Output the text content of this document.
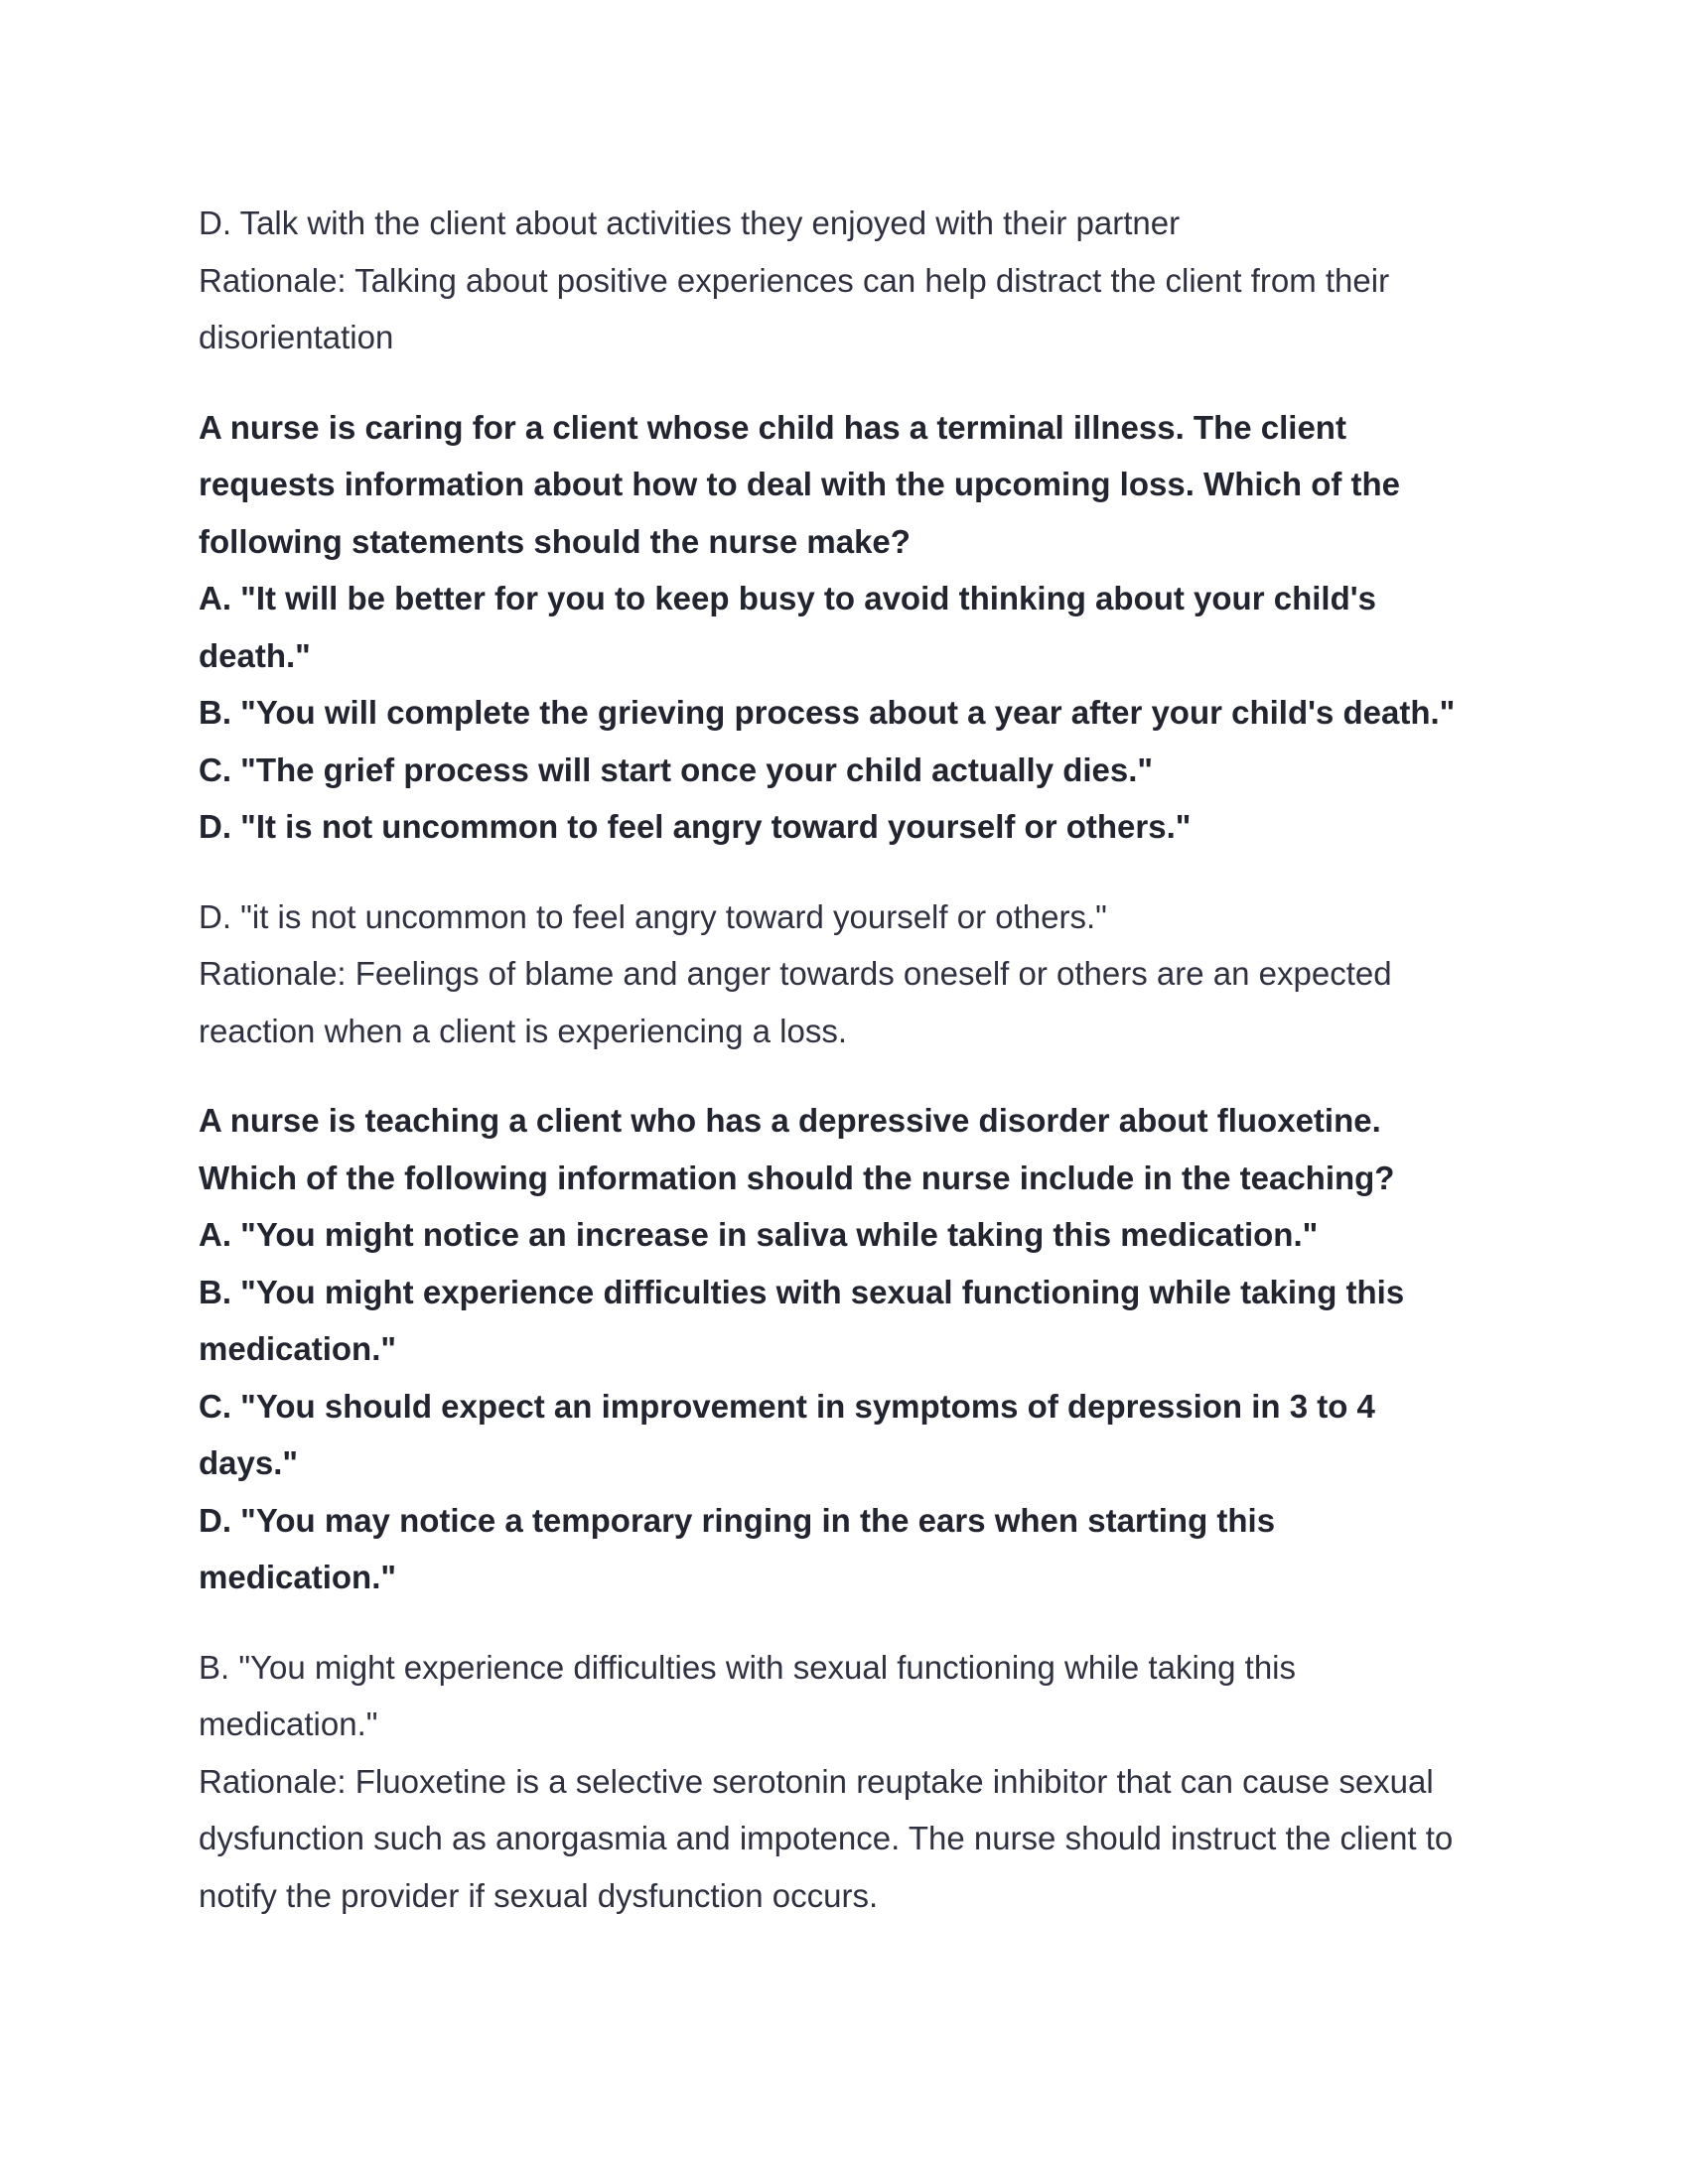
D. Talk with the client about activities they enjoyed with their partner
Rationale: Talking about positive experiences can help distract the client from their
disorientation
A nurse is caring for a client whose child has a terminal illness. The client
requests information about how to deal with the upcoming loss. Which of the
following statements should the nurse make?
A. "It will be better for you to keep busy to avoid thinking about your child's
death."
B. "You will complete the grieving process about a year after your child's death."
C. "The grief process will start once your child actually dies."
D. "It is not uncommon to feel angry toward yourself or others."
D. "it is not uncommon to feel angry toward yourself or others."
Rationale: Feelings of blame and anger towards oneself or others are an expected
reaction when a client is experiencing a loss.
A nurse is teaching a client who has a depressive disorder about fluoxetine.
Which of the following information should the nurse include in the teaching?
A. "You might notice an increase in saliva while taking this medication."
B. "You might experience difficulties with sexual functioning while taking this
medication."
C. "You should expect an improvement in symptoms of depression in 3 to 4
days."
D. "You may notice a temporary ringing in the ears when starting this
medication."
B. "You might experience difficulties with sexual functioning while taking this
medication."
Rationale: Fluoxetine is a selective serotonin reuptake inhibitor that can cause sexual
dysfunction such as anorgasmia and impotence. The nurse should instruct the client to
notify the provider if sexual dysfunction occurs.
